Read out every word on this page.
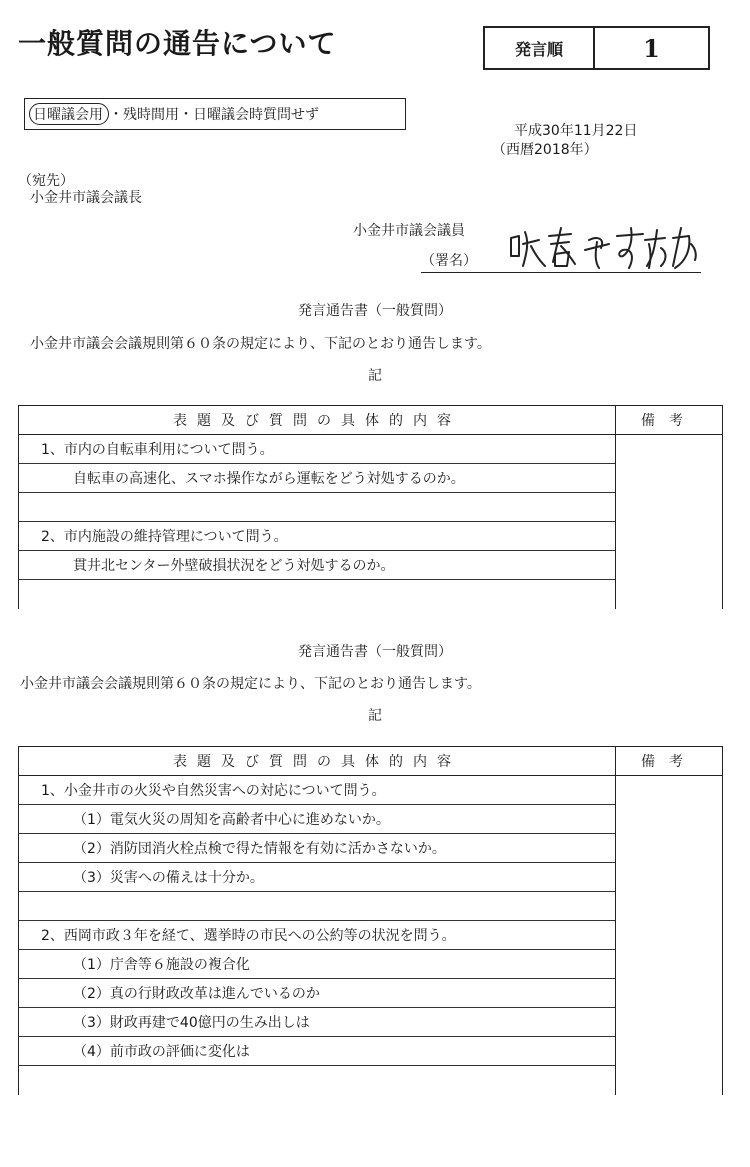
一般質問の通告について	発言順	1
日曜議会用 ・残時間用・日曜議会時質問せず
平成30年11月22日
（西暦2018年）
（宛先）
小金井市議会議長
小金井市議会議員
（署名）
発言通告書（一般質問）
小金井市議会会議規則第６０条の規定により、下記のとおり通告します。
記
表題及び質問の具体的内容	備考
1、市内の自転車利用について問う。
自転車の高速化、スマホ操作ながら運転をどう対処するのか。
2、市内施設の維持管理について問う。
貫井北センター外壁破損状況をどう対処するのか。
発言通告書（一般質問）
小金井市議会会議規則第６０条の規定により、下記のとおり通告します。
記
表題及び質問の具体的内容	備考
1、小金井市の火災や自然災害への対応について問う。
（1）電気火災の周知を高齢者中心に進めないか。
（2）消防団消火栓点検で得た情報を有効に活かさないか。
（3）災害への備えは十分か。
2、西岡市政３年を経て、選挙時の市民への公約等の状況を問う。
（1）庁舎等６施設の複合化
（2）真の行財政改革は進んでいるのか
（3）財政再建で40億円の生み出しは
（4）前市政の評価に変化は
